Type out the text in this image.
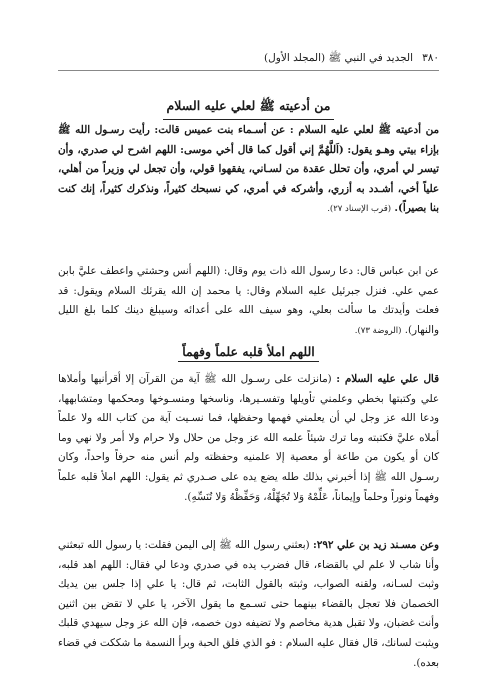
٣٨٠
الجديد في النبي ﷺ (المجلد الأول)
من أدعيته ﷺ لعلي عليه السلام
من أدعيته ﷺ لعلي عليه السلام : عن أسـماء بنت عميس قالت: رأيت رسـول الله ﷺ بإزاء بيتي وهـو يقول: (اَللَّهُمَّ إني أقول كما قال أخي موسى: اللهم اشرح لي صدري، وأن تيسر لي أمري، وأن تحلل عقدة من لسـاني، يفقهوا قولي، وأن تجعل لي وزيراً من أهلي، علياً أخي، أشـدد به أزري، وأشركه في أمري، كي نسبحك كثيراً، ونذكرك كثيراً، إنك كنت بنا بصيراً). (قرب الإسناد ٢٧).
عن ابن عباس قال: دعا رسول الله ذات يوم وقال: (اللهم أنس وحشتي واعطف عليَّ بابن عمي علي. فنزل جبرئيل عليه السلام وقال: يا محمد إن الله يقرئك السلام ويقول: قد فعلت وأيدتك ما سألت بعلي، وهو سيف الله على أعدائه وسيبلغ دينك كلما بلغ الليل والنهار). (الروضة ٧٣).
اللهم املأ قلبه علماً وفهماً
قال علي عليه السلام : (مانزلت على رسـول الله ﷺ آية من القرآن إلا أقرأنيها وأملاها علي وكتبتها بخطي وعلمني تأويلها وتفسـيرها، وناسخها ومنسـوخها ومحكمها ومتشابهها، ودعا الله عز وجل لي أن يعلمني فهمها وحفظها، فما نسـيت آية من كتاب الله ولا علماً أملاه عليَّ فكتبته وما ترك شيئاً علمه الله عز وجل من حلال ولا حرام ولا أمر ولا نهي وما كان أو يكون من طاعة أو معصية إلا علمنيه وحفظته ولم أنس منه حرفاً واحداً، وكان رسـول الله ﷺ إذا أخبرني بذلك طله يضع يده على صـدري ثم يقول: اللهم املأ قلبه علماً وفهماً ونوراً وحلماً وإيماناً، عَلِّمْهُ وَلا تُجَهِّلْهُ، وَحَفِّظْهُ وَلا تُنَسِّهِ).
وعن مسـند زيد بن علي ٢٩٢: (بعثني رسول الله ﷺ إلى اليمن فقلت: يا رسول الله تبعثني وأنا شاب لا علم لي بالقضاء، قال فضرب يده في صدري ودعا لي فقال: اللهم اهد قلبه، وثبت لسـانه، ولقنه الصواب، وثبته بالقول الثابت، ثم قال: يا علي إذا جلس بين يديك الخصمان فلا تعجل بالقضاء بينهما حتى تسـمع ما يقول الآخر، يا علي لا تقض بين اثنين وأنت غضبان، ولا تقبل هدية مخاصم ولا تضيفه دون خصمه، فإن الله عز وجل سيهدي قلبك ويثبت لسانك، قال فقال عليه السلام : فو الذي فلق الحبة وبرأ النسمة ما شككت في قضاء بعده).
